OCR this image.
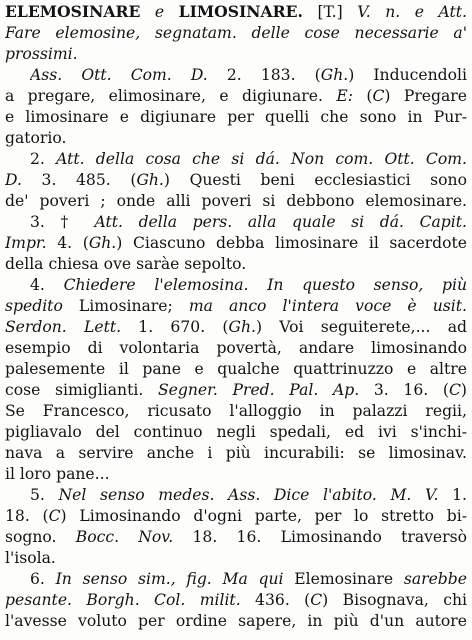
ELEMOSINARE e LIMOSINARE. [T.] V. n. e Att.
Fare elemosine, segnatam. delle cose necessarie a'
prossimi.
Ass. Ott. Com. D. 2. 183. (Gh.) Inducendoli
a pregare, elimosinare, e digiunare. E: (C) Pregare
e limosinare e digiunare per quelli che sono in Pur-
gatorio.
2. Att. della cosa che si dá. Non com. Ott. Com.
D. 3. 485. (Gh.) Questi beni ecclesiastici sono
de' poveri ; onde alli poveri si debbono elemosinare.
3. † Att. della pers. alla quale si dá. Capit.
Impr. 4. (Gh.) Ciascuno debba limosinare il sacerdote
della chiesa ove saràe sepolto.
4. Chiedere l'elemosina. In questo senso, più
spedito Limosinare; ma anco l'intera voce è usit.
Serdon. Lett. 1. 670. (Gh.) Voi seguiterete,... ad
esempio di volontaria povertà, andare limosinando
palesemente il pane e qualche quattrinuzzo e altre
cose simiglianti. Segner. Pred. Pal. Ap. 3. 16. (C)
Se Francesco, ricusato l'alloggio in palazzi regii,
pigliavalo del continuo negli spedali, ed ivi s'inchi-
nava a servire anche i più incurabili: se limosinav.
il loro pane...
5. Nel senso medes. Ass. Dice l'abito. M. V. 1.
18. (C) Limosinando d'ogni parte, per lo stretto bi-
sogno. Bocc. Nov. 18. 16. Limosinando traversò
l'isola.
6. In senso sim., fig. Ma qui Elemosinare sarebbe
pesante. Borgh. Col. milit. 436. (C) Bisognava, chi
l'avesse voluto per ordine sapere, in più d'un autore
